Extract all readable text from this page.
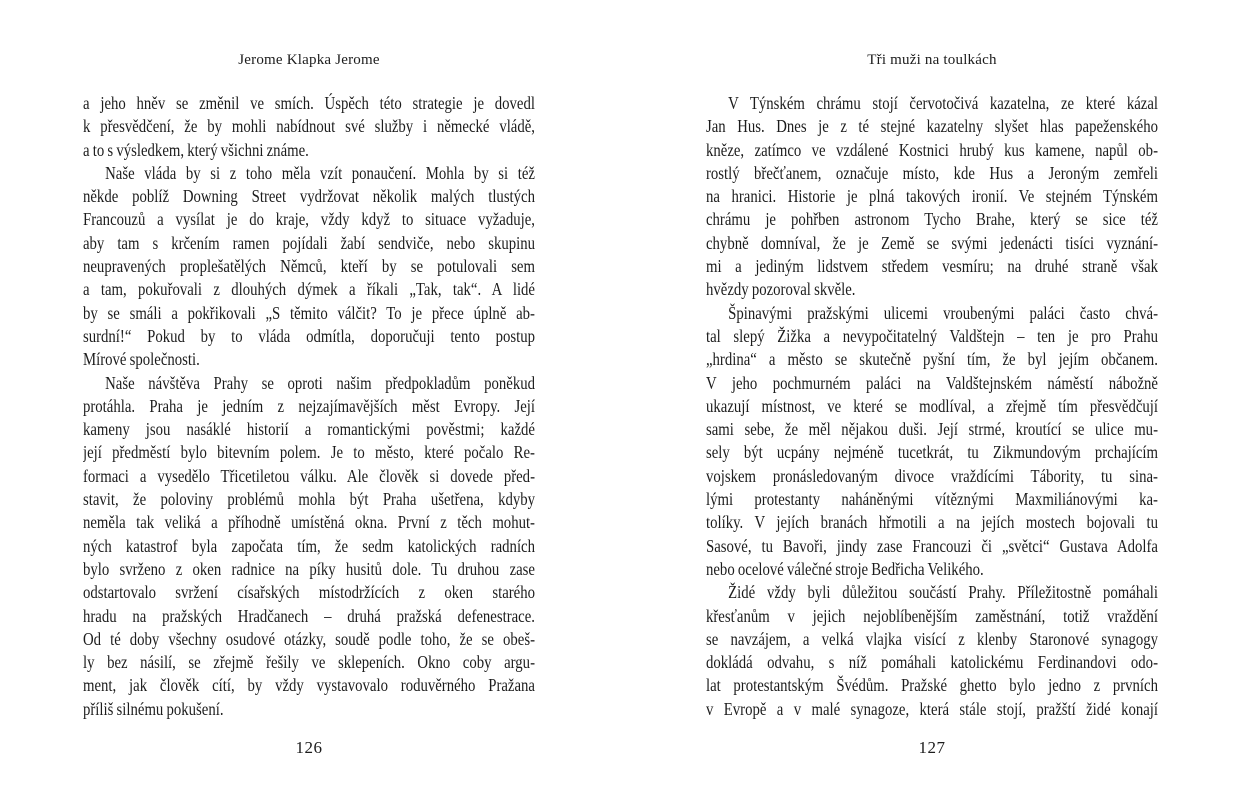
Jerome Klapka Jerome
a jeho hněv se změnil ve smích. Úspěch této strategie je dovedl
k přesvědčení, že by mohli nabídnout své služby i německé vládě,
a to s výsledkem, který všichni známe.
Naše vláda by si z toho měla vzít ponaučení. Mohla by si též
někde poblíž Downing Street vydržovat několik malých tlustých
Francouzů a vysílat je do kraje, vždy když to situace vyžaduje,
aby tam s krčením ramen pojídali žabí sendviče, nebo skupinu
neupravených proplešatělých Němců, kteří by se potulovali sem
a tam, pokuřovali z dlouhých dýmek a říkali „Tak, tak“. A lidé
by se smáli a pokřikovali „S těmito válčit? To je přece úplně ab-
surdní!“ Pokud by to vláda odmítla, doporučuji tento postup
Mírové společnosti.
Naše návštěva Prahy se oproti našim předpokladům poněkud
protáhla. Praha je jedním z nejzajímavějších měst Evropy. Její
kameny jsou nasáklé historií a romantickými pověstmi; každé
její předměstí bylo bitevním polem. Je to město, které počalo Re-
formaci a vysedělo Třicetiletou válku. Ale člověk si dovede před-
stavit, že poloviny problémů mohla být Praha ušetřena, kdyby
neměla tak veliká a příhodně umístěná okna. První z těch mohut-
ných katastrof byla započata tím, že sedm katolických radních
bylo svrženo z oken radnice na píky husitů dole. Tu druhou zase
odstartovalo svržení císařských místodržících z oken starého
hradu na pražských Hradčanech – druhá pražská defenestrace.
Od té doby všechny osudové otázky, soudě podle toho, že se obeš-
ly bez násilí, se zřejmě řešily ve sklepeních. Okno coby argu-
ment, jak člověk cítí, by vždy vystavovalo roduvěrného Pražana
příliš silnému pokušení.
126
Tři muži na toulkách
V Týnském chrámu stojí červotočivá kazatelna, ze které kázal
Jan Hus. Dnes je z té stejné kazatelny slyšet hlas papeženského
kněze, zatímco ve vzdálené Kostnici hrubý kus kamene, napůl ob-
rostlý břečťanem, označuje místo, kde Hus a Jeroným zemřeli
na hranici. Historie je plná takových ironií. Ve stejném Týnském
chrámu je pohřben astronom Tycho Brahe, který se sice též
chybně domníval, že je Země se svými jedenácti tisíci vyznání-
mi a jediným lidstvem středem vesmíru; na druhé straně však
hvězdy pozoroval skvěle.
Špinavými pražskými ulicemi vroubenými paláci často chvá-
tal slepý Žižka a nevypočitatelný Valdštejn – ten je pro Prahu
„hrdina“ a město se skutečně pyšní tím, že byl jejím občanem.
V jeho pochmurném paláci na Valdštejnském náměstí nábožně
ukazují místnost, ve které se modlíval, a zřejmě tím přesvědčují
sami sebe, že měl nějakou duši. Její strmé, kroutící se ulice mu-
sely být ucpány nejméně tucetkrát, tu Zikmundovým prchajícím
vojskem pronásledovaným divoce vraždícími Tábority, tu sina-
lými protestanty naháněnými vítěznými Maxmiliánovými ka-
tolíky. V jejích branách hřmotili a na jejích mostech bojovali tu
Sasové, tu Bavoři, jindy zase Francouzi či „světci“ Gustava Adolfa
nebo ocelové válečné stroje Bedřicha Velikého.
Židé vždy byli důležitou součástí Prahy. Příležitostně pomáhali
křesťanům v jejich nejoblíbenějším zaměstnání, totiž vraždění
se navzájem, a velká vlajka visící z klenby Staronové synagogy
dokládá odvahu, s níž pomáhali katolickému Ferdinandovi odo-
lat protestantským Švédům. Pražské ghetto bylo jedno z prvních
v Evropě a v malé synagoze, která stále stojí, pražští židé konají
127
